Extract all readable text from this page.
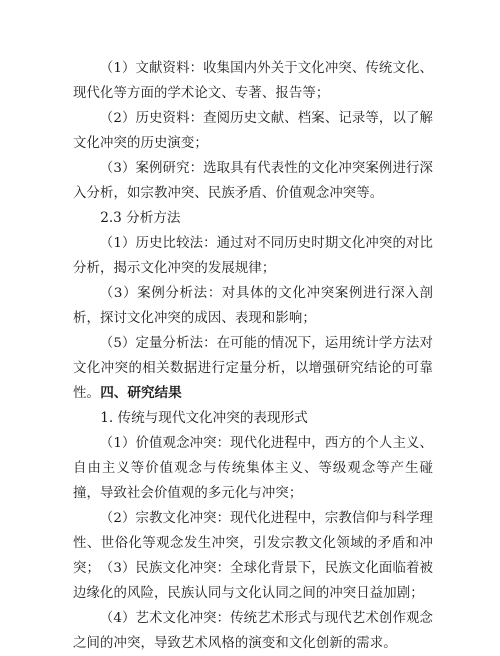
（1）文献资料：收集国内外关于文化冲突、传统文化、现代化等方面的学术论文、专著、报告等；

（2）历史资料：查阅历史文献、档案、记录等，以了解文化冲突的历史演变；

（3）案例研究：选取具有代表性的文化冲突案例进行深入分析，如宗教冲突、民族矛盾、价值观念冲突等。

2.3 分析方法

（1）历史比较法：通过对不同历史时期文化冲突的对比分析，揭示文化冲突的发展规律；

（3）案例分析法：对具体的文化冲突案例进行深入剖析，探讨文化冲突的成因、表现和影响；

（5）定量分析法：在可能的情况下，运用统计学方法对文化冲突的相关数据进行定量分析，以增强研究结论的可靠性。 四、研究结果

1. 传统与现代文化冲突的表现形式

（1）价值观念冲突：现代化进程中，西方的个人主义、自由主义等价值观念与传统集体主义、等级观念等产生碰撞，导致社会价值观的多元化与冲突；

（2）宗教文化冲突：现代化进程中，宗教信仰与科学理性、世俗化等观念发生冲突，引发宗教文化领域的矛盾和冲突； （3）民族文化冲突：全球化背景下，民族文化面临着被边缘化的风险，民族认同与文化认同之间的冲突日益加剧；

（4）艺术文化冲突：传统艺术形式与现代艺术创作观念之间的冲突，导致艺术风格的演变和文化创新的需求。
